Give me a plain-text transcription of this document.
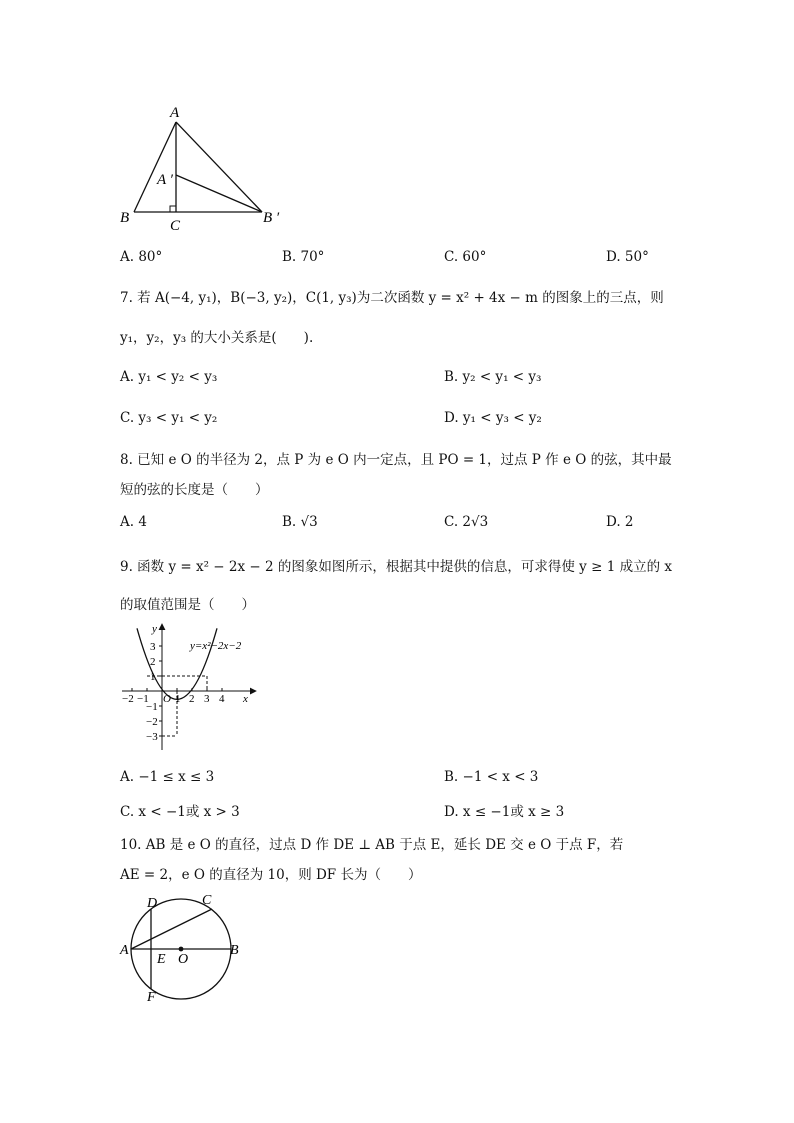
A
A ′
B	C	B ′
A. 80°	B. 70°	C. 60°	D. 50°
7. 若 A(−4, y₁)，B(−3, y₂)，C(1, y₃)为二次函数 y = x² + 4x − m 的图象上的三点，则
y₁，y₂，y₃ 的大小关系是(　　).
A. y₁ < y₂ < y₃	B. y₂ < y₁ < y₃
C. y₃ < y₁ < y₂	D. y₁ < y₃ < y₂
8. 已知 e O 的半径为 2，点 P 为 e O 内一定点，且 PO = 1，过点 P 作 e O 的弦，其中最
短的弦的长度是（　　）
A. 4	B. √3	C. 2√3	D. 2
9. 函数 y = x² − 2x − 2 的图象如图所示，根据其中提供的信息，可求得使 y ≥ 1 成立的 x
的取值范围是（　　）
y
x
O
y=x²−2x−2
3
2
1
−1
−2
−3
−2 −1 1 2 3 4
A. −1 ≤ x ≤ 3	B. −1 < x < 3
C. x < −1或 x > 3	D. x ≤ −1或 x ≥ 3
10. AB 是 e O 的直径，过点 D 作 DE ⊥ AB 于点 E，延长 DE 交 e O 于点 F，若
AE = 2，e O 的直径为 10，则 DF 长为（　　）
D	C
A
E O
B
F
